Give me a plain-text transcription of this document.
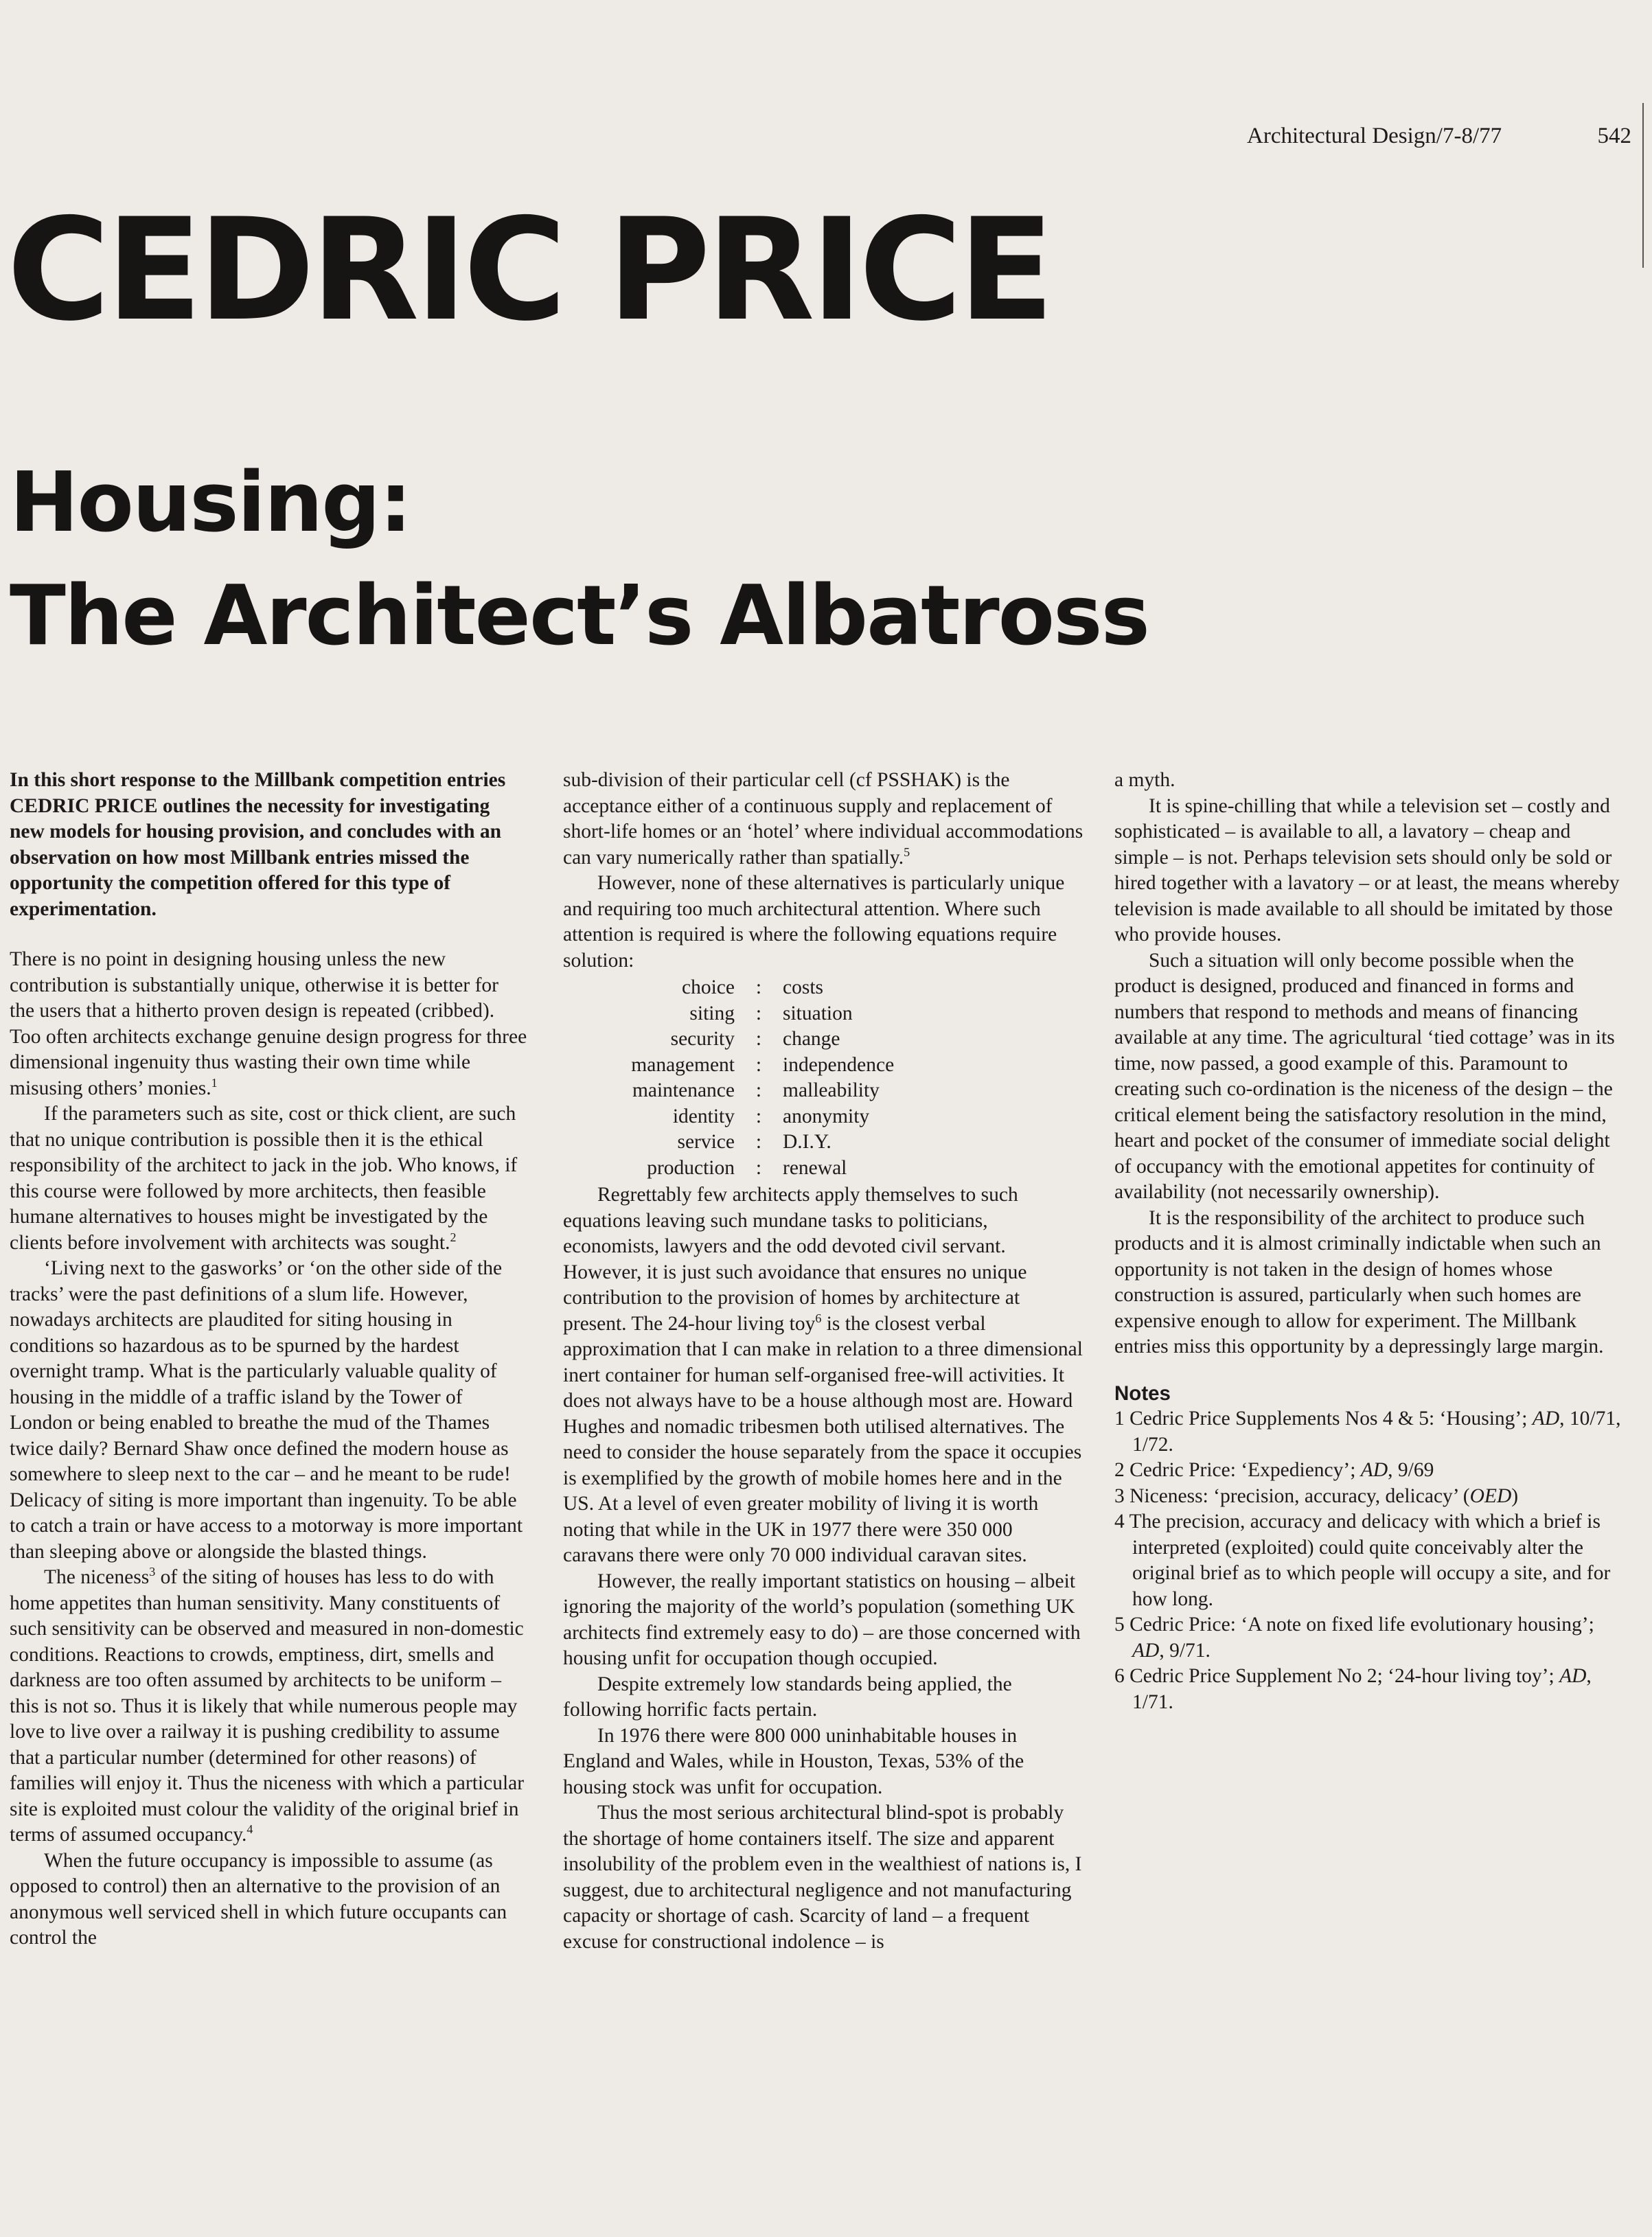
Architectural Design/7-8/77	542
CEDRIC PRICE
Housing:
The Architect’s Albatross

In this short response to the Millbank competition entries CEDRIC PRICE outlines the necessity for investigating new models for housing provision, and concludes with an observation on how most Millbank entries missed the opportunity the competition offered for this type of experimentation.

There is no point in designing housing unless the new contribution is substantially unique, otherwise it is better for the users that a hitherto proven design is repeated (cribbed). Too often architects exchange genuine design progress for three dimensional ingenuity thus wasting their own time while misusing others’ monies.$^1$

If the parameters such as site, cost or thick client, are such that no unique contribution is possible then it is the ethical responsibility of the architect to jack in the job. Who knows, if this course were followed by more architects, then feasible humane alternatives to houses might be investigated by the clients before involvement with architects was sought.$^2$

‘Living next to the gasworks’ or ‘on the other side of the tracks’ were the past definitions of a slum life. However, nowadays architects are plaudited for siting housing in conditions so hazardous as to be spurned by the hardest overnight tramp. What is the particularly valuable quality of housing in the middle of a traffic island by the Tower of London or being enabled to breathe the mud of the Thames twice daily? Bernard Shaw once defined the modern house as somewhere to sleep next to the car – and he meant to be rude! Delicacy of siting is more important than ingenuity. To be able to catch a train or have access to a motorway is more important than sleeping above or alongside the blasted things.

The niceness$^3$ of the siting of houses has less to do with home appetites than human sensitivity. Many constituents of such sensitivity can be observed and measured in non-domestic conditions. Reactions to crowds, emptiness, dirt, smells and darkness are too often assumed by architects to be uniform – this is not so. Thus it is likely that while numerous people may love to live over a railway it is pushing credibility to assume that a particular number (determined for other reasons) of families will enjoy it. Thus the niceness with which a particular site is exploited must colour the validity of the original brief in terms of assumed occupancy.$^4$

When the future occupancy is impossible to assume (as opposed to control) then an alternative to the provision of an anonymous well serviced shell in which future occupants can control the

sub-division of their particular cell (cf PSSHAK) is the acceptance either of a continuous supply and replacement of short-life homes or an ‘hotel’ where individual accommodations can vary numerically rather than spatially.$^5$

However, none of these alternatives is particularly unique and requiring too much architectural attention. Where such attention is required is where the following equations require solution:

choice	:	costs
siting	:	situation
security	:	change
management	:	independence
maintenance	:	malleability
identity	:	anonymity
service	:	D.I.Y.
production	:	renewal

Regrettably few architects apply themselves to such equations leaving such mundane tasks to politicians, economists, lawyers and the odd devoted civil servant. However, it is just such avoidance that ensures no unique contribution to the provision of homes by architecture at present. The 24-hour living toy$^6$ is the closest verbal approximation that I can make in relation to a three dimensional inert container for human self-organised free-will activities. It does not always have to be a house although most are. Howard Hughes and nomadic tribesmen both utilised alternatives. The need to consider the house separately from the space it occupies is exemplified by the growth of mobile homes here and in the US. At a level of even greater mobility of living it is worth noting that while in the UK in 1977 there were 350 000 caravans there were only 70 000 individual caravan sites.

However, the really important statistics on housing – albeit ignoring the majority of the world’s population (something UK architects find extremely easy to do) – are those concerned with housing unfit for occupation though occupied.

Despite extremely low standards being applied, the following horrific facts pertain.

In 1976 there were 800 000 uninhabitable houses in England and Wales, while in Houston, Texas, 53% of the housing stock was unfit for occupation.

Thus the most serious architectural blind-spot is probably the shortage of home containers itself. The size and apparent insolubility of the problem even in the wealthiest of nations is, I suggest, due to architectural negligence and not manufacturing capacity or shortage of cash. Scarcity of land – a frequent excuse for constructional indolence – is

a myth.

It is spine-chilling that while a television set – costly and sophisticated – is available to all, a lavatory – cheap and simple – is not. Perhaps television sets should only be sold or hired together with a lavatory – or at least, the means whereby television is made available to all should be imitated by those who provide houses.

Such a situation will only become possible when the product is designed, produced and financed in forms and numbers that respond to methods and means of financing available at any time. The agricultural ‘tied cottage’ was in its time, now passed, a good example of this. Paramount to creating such co-ordination is the niceness of the design – the critical element being the satisfactory resolution in the mind, heart and pocket of the consumer of immediate social delight of occupancy with the emotional appetites for continuity of availability (not necessarily ownership).

It is the responsibility of the architect to produce such products and it is almost criminally indictable when such an opportunity is not taken in the design of homes whose construction is assured, particularly when such homes are expensive enough to allow for experiment. The Millbank entries miss this opportunity by a depressingly large margin.

Notes

1 Cedric Price Supplements Nos 4 & 5: ‘Housing’; AD, 10/71, 1/72.

2 Cedric Price: ‘Expediency’; AD, 9/69

3 Niceness: ‘precision, accuracy, delicacy’ (OED)

4 The precision, accuracy and delicacy with which a brief is interpreted (exploited) could quite conceivably alter the original brief as to which people will occupy a site, and for how long.

5 Cedric Price: ‘A note on fixed life evolutionary housing’; AD, 9/71.

6 Cedric Price Supplement No 2; ‘24-hour living toy’; AD, 1/71.
